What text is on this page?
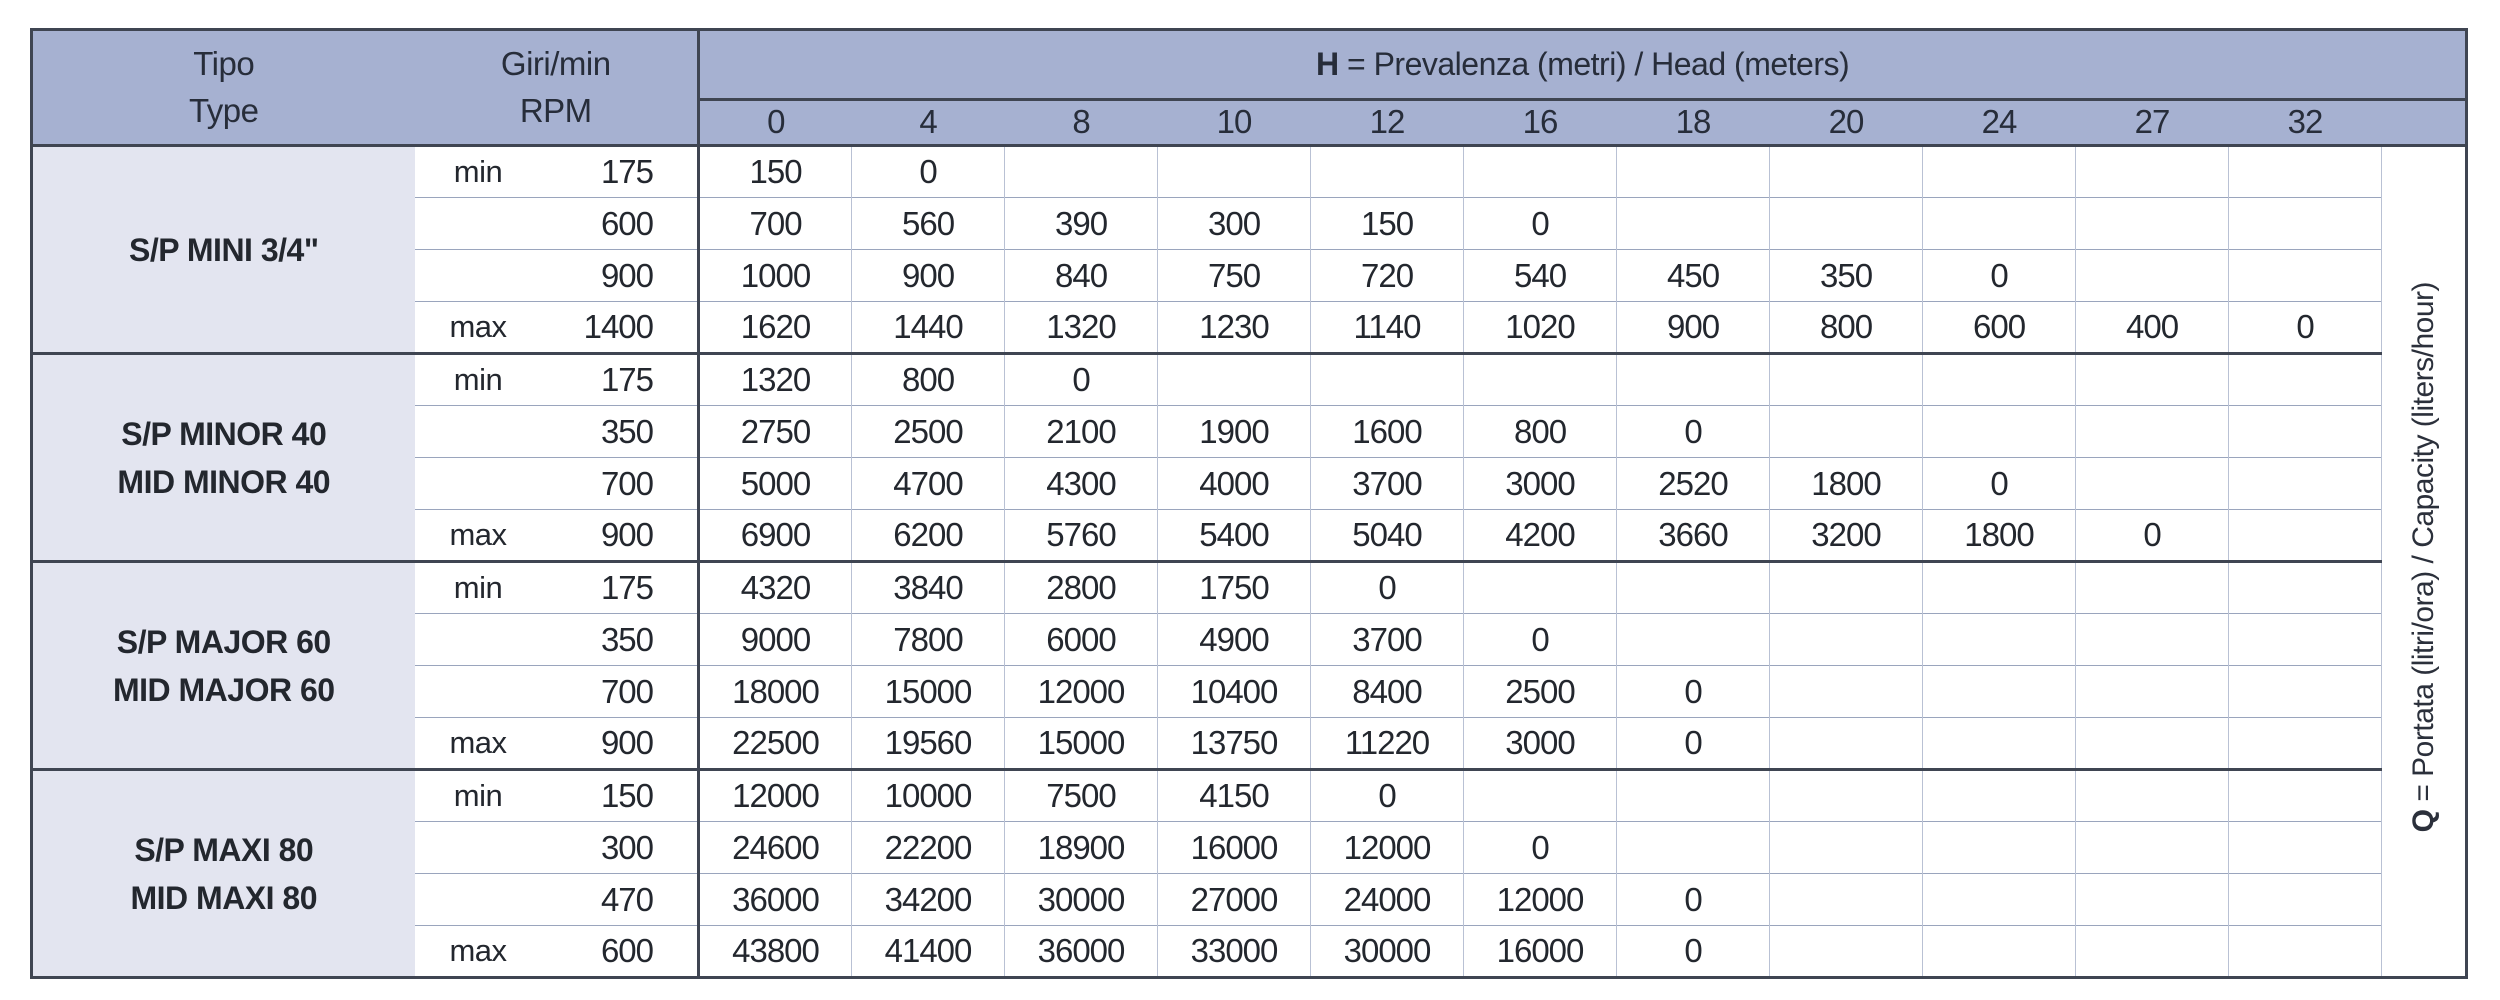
Tipo
Type

Giri/min
RPM
	H = Prevalenza (metri) / Head (meters)
			0	4	8	10	12	16	18	20	24	27	32	

S/P MINI 3/4"	min	175	150	0										Q = Portata (litri/ora) / Capacity (liters/hour)
		600	700	560	390	300	150	0						
		900	1000	900	840	750	720	540	450	350	0			
	max	1400	1620	1440	1320	1230	1140	1020	900	800	600	400	0	

S/P MINOR 40
MID MINOR 40	min	175	1320	800	0									
		350	2750	2500	2100	1900	1600	800	0					
		700	5000	4700	4300	4000	3700	3000	2520	1800	0			
	max	900	6900	6200	5760	5400	5040	4200	3660	3200	1800	0		

S/P MAJOR 60
MID MAJOR 60	min	175	4320	3840	2800	1750	0							
		350	9000	7800	6000	4900	3700	0						
		700	18000	15000	12000	10400	8400	2500	0					
	max	900	22500	19560	15000	13750	11220	3000	0					

S/P MAXI 80
MID MAXI 80	min	150	12000	10000	7500	4150	0							
		300	24600	22200	18900	16000	12000	0						
		470	36000	34200	30000	27000	24000	12000	0					
	max	600	43800	41400	36000	33000	30000	16000	0					
